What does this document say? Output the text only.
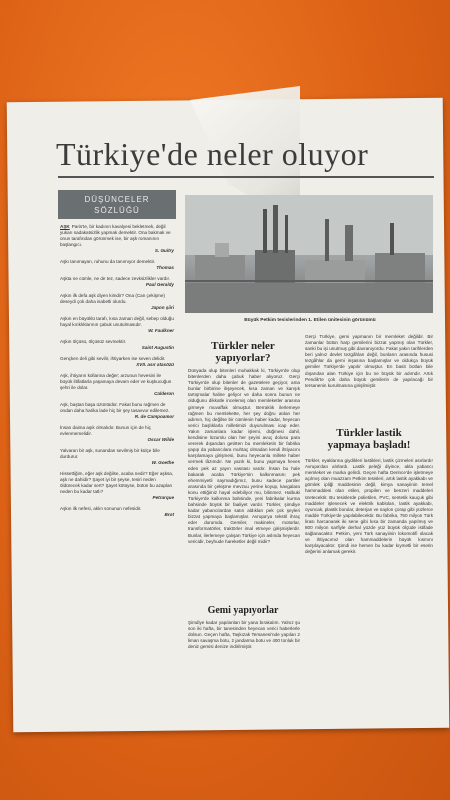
Türkiye'de neler oluyor
DÜŞÜNCELER
SÖZLÜĞÜ
AŞK Paris'te, bir kadının kavalyesi bekletmek, değil yukarı sadakatsizlik yapmak demektir. Ona bakmak ve onun tarafından görünmek ise, bir aşk romanının başlangıcı.
S. Guitry
Aşkı tanımayan, ruhunu da tanımıyor demektir.
Thomas
Aşkta ne cümle, ne de tez, sadece zevksizlikler vardır.
Paul Geraldy
Aşkın ilk defa aşk diyen kimdir? Ona (Can çekişme) deseydi çok daha isabetli olurdu.
Japon şiiri
Aşkın en büyüklü tarafı, kısa zaman değil, sebep olduğu hayal kırıklıklarının çabuk unutulmasıdır.
W. Faulkner
Aşkın ölçüsü, ölçüsüz sevmektir.
Saint Augustin
Gençken deli gibi sevilir, ihtiyarken ise seven delidir.
XVII. asır atasözü
Aşk, ihtiyarın kollarına değer; arzunun hevesini ile büyük iltifatlarla yaşamaya devam eder ve kuşkucuğun şehri ile dolar.
Calderon
Aşk, baştan başa üzüntüdür. Fakat bunu rağmen de ondan daha harika lade hiç bir şey tasavvur edilemez.
R. de Campoamor
İnsan daima aşık olmalıdır. Bunun için de hiç evlenmemelidir.
Oscar Wilde
Yalvaran bir aşk, sunandan sevilmiş bir külçe bile durdurur.
W. Goethe
Hissettiğim, eğer aşk değilse, acaba nedir? Eğer aşksa, aşk ne dahidir? Şayet iyi bir şeyse, tesiri neden öldürecek kadar sert? Şayet kötüyse, bütün bu azapları neden bu kadar tatlı?
Petrarque
Aşkın ilk nefesi, aklın sonunun nefesidir.
Brot
Büyük Petkim tesislerinden 1. Etilen ünitesinin görünümü
Türkler neler
yapıyorlar?
Dünyada olup bitenleri muhakkak ki, Türkiye'de olup bitenlerden daha çabuk haber alıyoruz. Gerçi Türkiye'de olup bitenler de gazetelere geçiyor, ama bunlar birbirine ilişeyecek, kısa zaman ve karışık tartışmalar haline geliyor ve daha sonra bunun ne olduğunu dikkatle incelemiş olan memleketler arasına girmeye muvaffak olmuştur. Berraklık ilerlemeye rağmen bu memlekette, her şey doğru atılan her adımın, hiç değilse bir cümlenin haber kadar, heyecan verici başlıklarla milletimizi duyurulması icap eder. Yakın zamanlara kadar işlemi, düğmesi dahil, kendisine lüzumlu olan her şeyini avuç dolusu para vererek dışarıdan getirten bu memleketin bir fabrika yapıp da yabancılara muhtaç olmadan kendi ihtiyacını karşılamaya girişmesi, bunu heyecanla millete haber vermek lâzımdır. Ne yazık ki, bunu yapmaya heves eden pek az yayın vasıtası vardır. İnsan bu hale bakarak acaba Türkiye'nin kalkınmasını pek ehemmiyetli saymadığımız, bunu sadece partiler arasında bir çekişme mevzuu yerine koyup, kavgalara konu ettiğimiz hayal edebiliyor mu, bilinmez. Halbuki Türkiye'de kalkınma bahsinde, yeni fabrikalar kurma bahsinde büyük bir faaliyet vardır. Türkler, şimdiye kadar yabancılardan satın aldıkları pek çok şeyleri bizzat yapmaya başlamışlar. Avrupa'ya tekstil ihraç eder durumda. Gemiler, makineler, motorlar, transformatörler, traktörler imal etmeye girişmişlerdir. Bunlar, ilerlemeye çalışan Türkiye için aslında heyecan vericidir, beyhude hareketler değil midir?
Gemi yapıyorlar
Şimdiye kadar yapılanları bir yana bırakalım. Yalnız şu son iki hafta, bir tanesinden heyecan verici haberlerle dolsun. Geçen hafta, Taşkızak Tersanesi'nde yapılan 2 liman savaşma botu, 2 jandarma botu ve 400 tonluk bir deniz gemisi denize indirilmiştir.
Gerçi Türkiye, gemi yapmanın bir memleket değildir. Bir zamanlar bütün harp gemilerini bizzat yapmış olan Türkler, sanki bu işi unutmuş gibi davranıyordu. Fakat yakın tarihlerden beri yalnız devlet tezgâhları değil, bunların arasında hususi tezgâhlar da gemi inşasına başlamışlar ve oldukça büyük gemiler Türkiye'de yapılır olmuştur. En basit botları bile dışarıdan alan Türkiye için bu ne büyük bir adımdır. Artık Pendik'te çok daha büyük gemilerin de yapılacağı bir tersanenin kurulmasına girişilmiştir.
Türkler lastik
yapmaya başladı!
Türkler, eyaklarına giydikleri lastikleri, lastik çizmeleri asırlardır Avrupa'dan alırlardı. Lastik peleği diyince, akla yabancı memleket ve marka gelirdi. Geçen hafta Derince'de işletmeye açılmış olan muazzam Petkim tesisleri, artık lastik ayakkabı ve gömlek ipliği maddesinin değil, kimya sanayiinin temel hammaddesi olan etilen, propilen ve benzeri maddeleri üretecektir. Bu tesislerde polietilen, PVC, sentetik kauçuk gibi maddeler işlenecek ve elektrik kabloları, lastik ayakkabı, oyuncak, plastik borular, deterjan ve naylon çorap gibi yüzlerce madde Türkiye'de yapılabilecektir. Bu fabrika, 750 milyon Türk lirası harcanarak iki sene gibi kısa bir zamanda yapılmış ve 800 milyon sarfiyle derhal yüzde yüz büyük ölçüde istifade sağlanacaktır. Petkim, yeni Türk sanayiinin lokomotifi olacak ve ihtiyacımız olan hammaddelerin büyük kısmını karşılayacaktır. Şimdi ise hemen bu kadar kıymetli bir eserin değerini anlamak gerekir.
